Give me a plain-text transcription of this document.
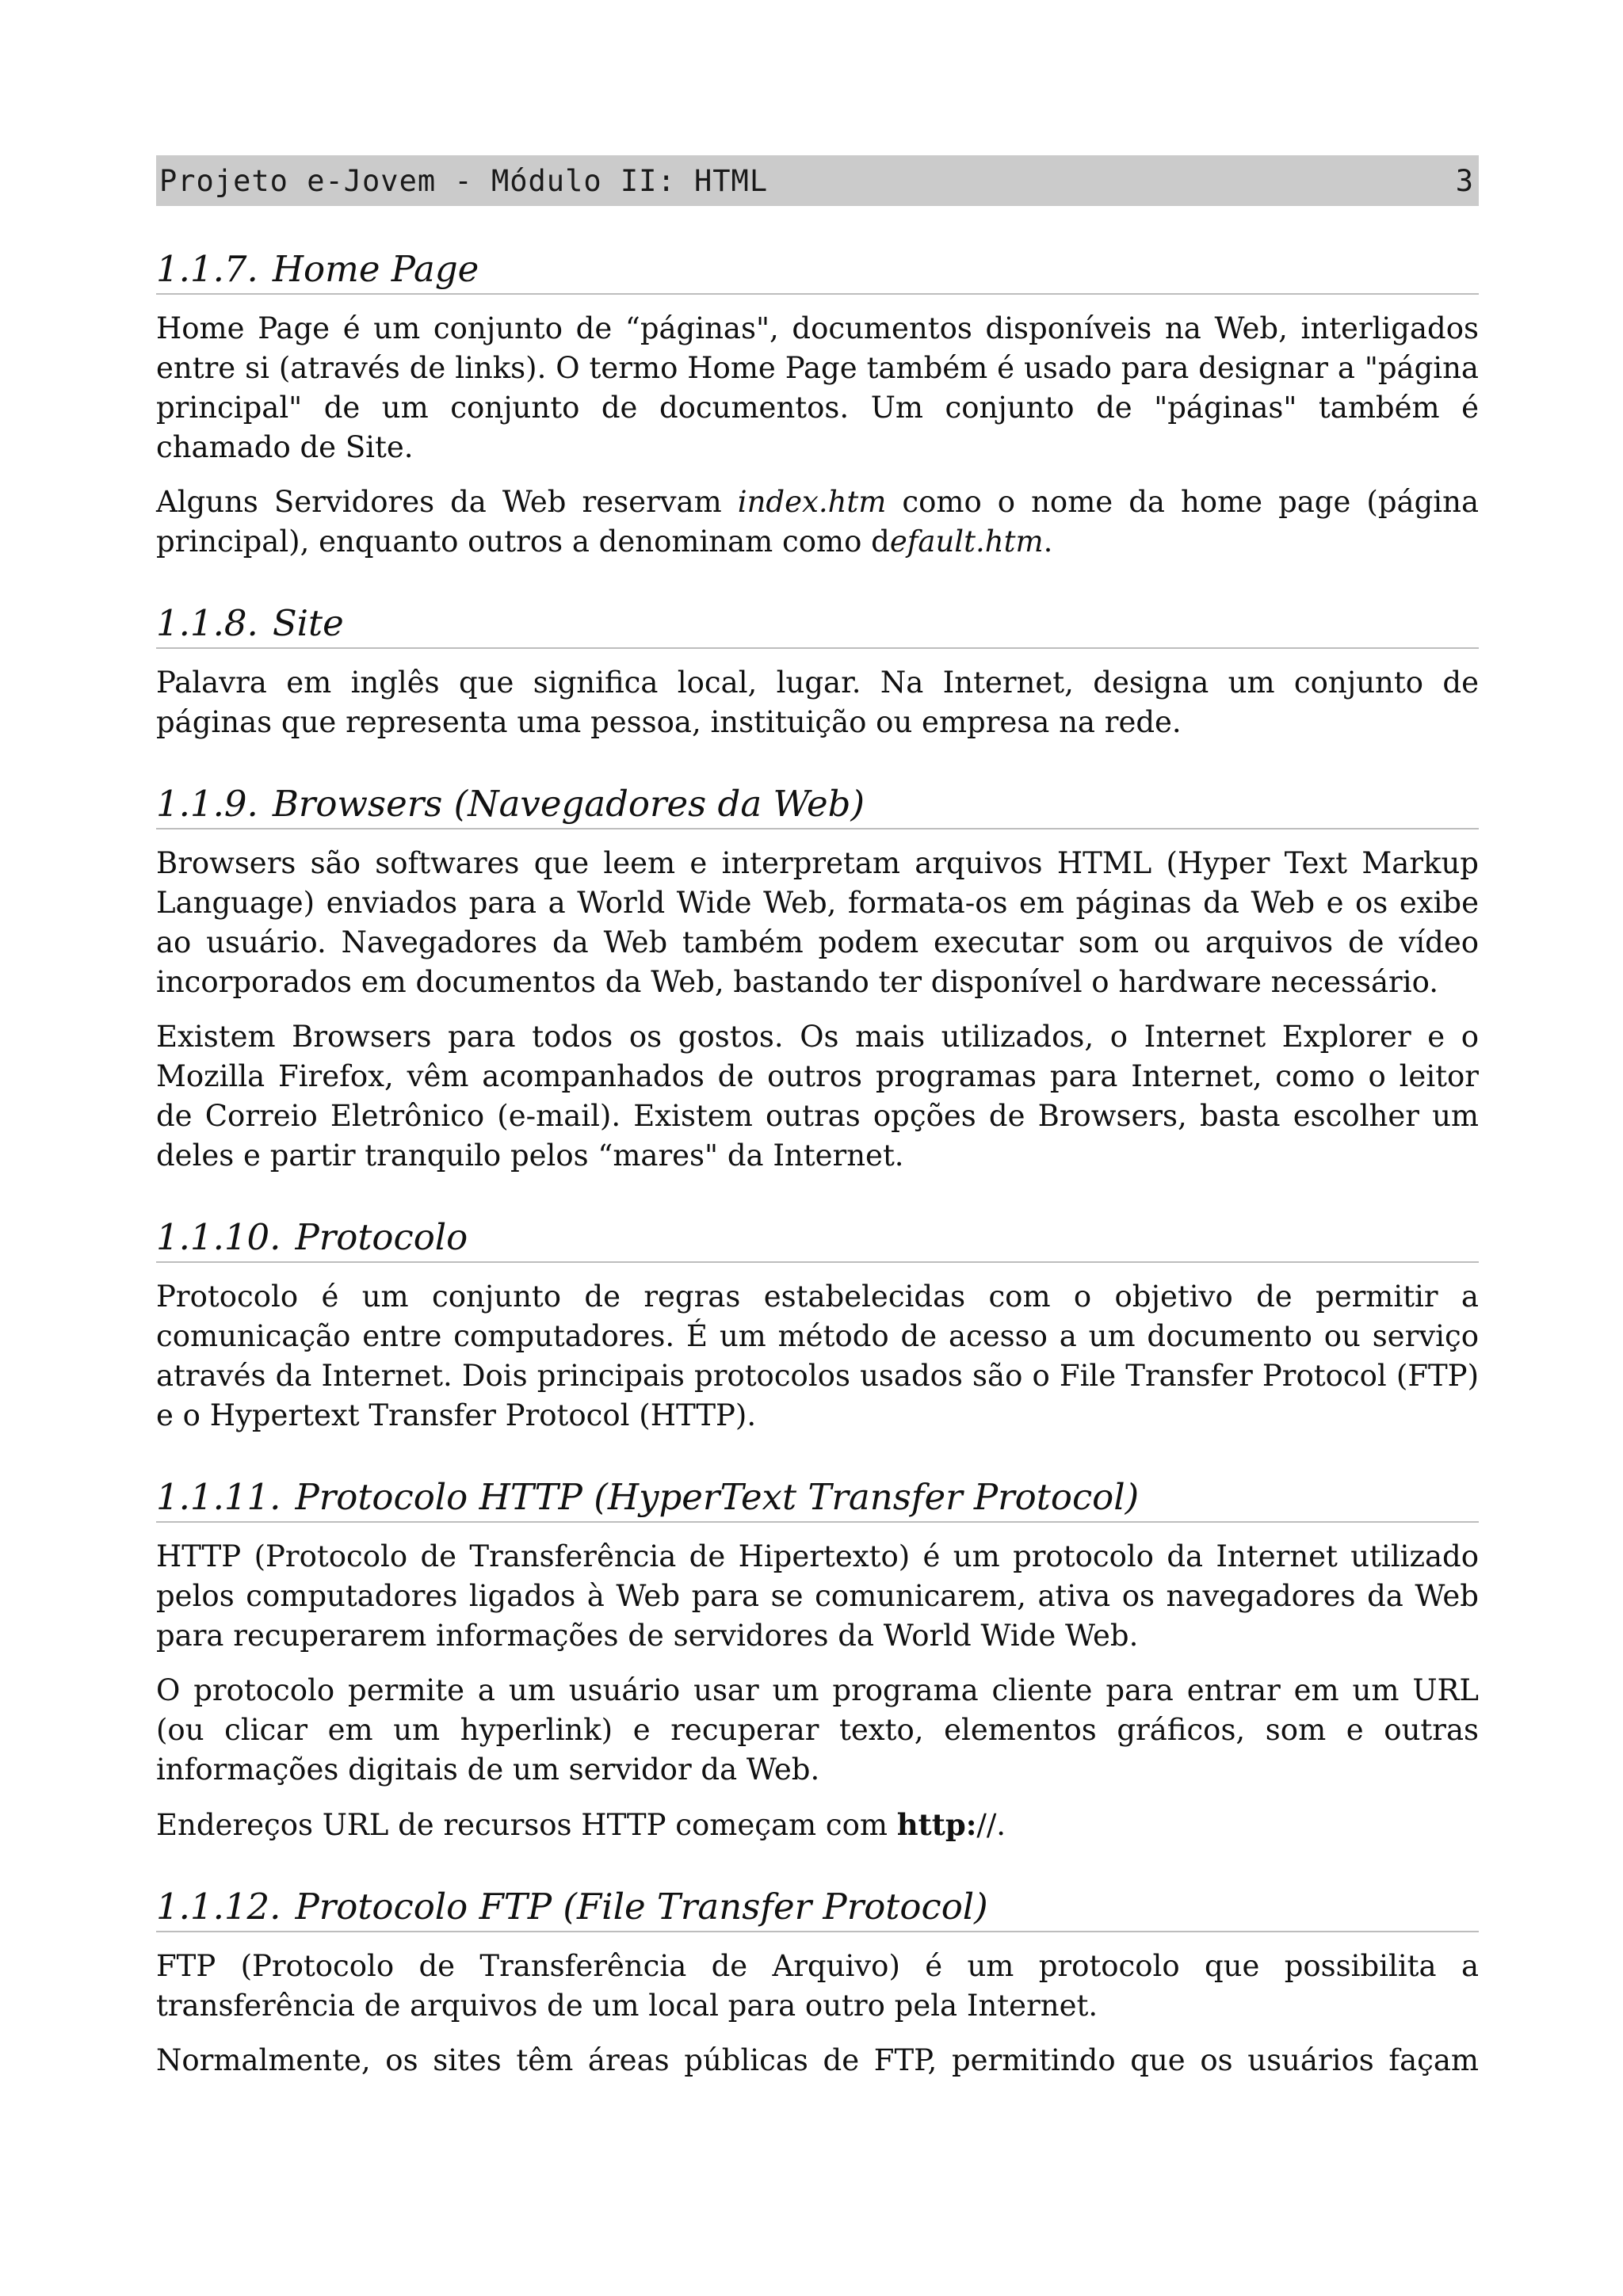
Projeto e-Jovem - Módulo II: HTML	3
1.1.7. Home Page

Home Page é um conjunto de “páginas", documentos disponíveis na Web, interligados entre si (através de links). O termo Home Page também é usado para designar a "página principal" de um conjunto de documentos. Um conjunto de "páginas" também é chamado de Site.

Alguns Servidores da Web reservam index.htm como o nome da home page (página principal), enquanto outros a denominam como default.htm.

1.1.8. Site

Palavra em inglês que significa local, lugar. Na Internet, designa um conjunto de páginas que representa uma pessoa, instituição ou empresa na rede.

1.1.9. Browsers (Navegadores da Web)

Browsers são softwares que leem e interpretam arquivos HTML (Hyper Text Markup Language) enviados para a World Wide Web, formata-os em páginas da Web e os exibe ao usuário. Navegadores da Web também podem executar som ou arquivos de vídeo incorporados em documentos da Web, bastando ter disponível o hardware necessário.

Existem Browsers para todos os gostos. Os mais utilizados, o Internet Explorer e o Mozilla Firefox, vêm acompanhados de outros programas para Internet, como o leitor de Correio Eletrônico (e-mail). Existem outras opções de Browsers, basta escolher um deles e partir tranquilo pelos “mares" da Internet.

1.1.10. Protocolo

Protocolo é um conjunto de regras estabelecidas com o objetivo de permitir a comunicação entre computadores. É um método de acesso a um documento ou serviço através da Internet. Dois principais protocolos usados são o File Transfer Protocol (FTP) e o Hypertext Transfer Protocol (HTTP).

1.1.11. Protocolo HTTP (HyperText Transfer Protocol)

HTTP (Protocolo de Transferência de Hipertexto) é um protocolo da Internet utilizado pelos computadores ligados à Web para se comunicarem, ativa os navegadores da Web para recuperarem informações de servidores da World Wide Web.

O protocolo permite a um usuário usar um programa cliente para entrar em um URL (ou clicar em um hyperlink) e recuperar texto, elementos gráficos, som e outras informações digitais de um servidor da Web.

Endereços URL de recursos HTTP começam com http://.

1.1.12. Protocolo FTP (File Transfer Protocol)

FTP (Protocolo de Transferência de Arquivo) é um protocolo que possibilita a transferência de arquivos de um local para outro pela Internet.

Normalmente, os sites têm áreas públicas de FTP, permitindo que os usuários façam
